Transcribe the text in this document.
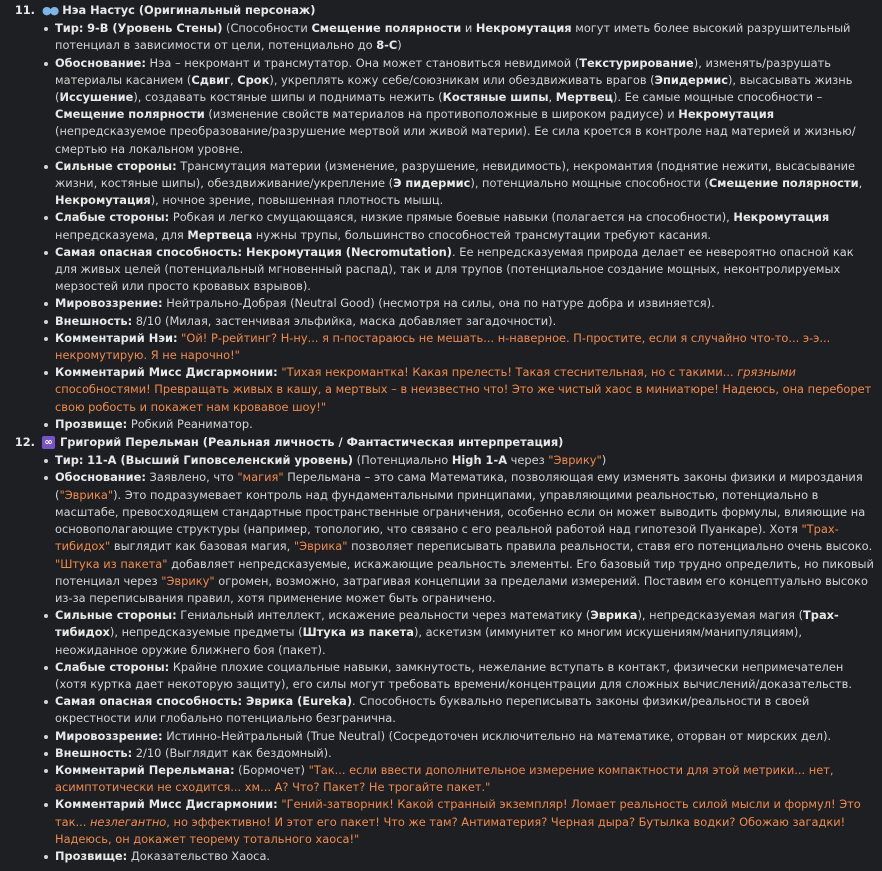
11. ●● Нэа Настус (Оригинальный персонаж)
Тир: 9-B (Уровень Стены) (Способности Смещение полярности и Некромутация могут иметь более высокий разрушительный потенциал в зависимости от цели, потенциально до 8-C)
Обоснование: Нэа – некромант и трансмутатор. Она может становиться невидимой (Текстурирование), изменять/разрушать материалы касанием (Сдвиг, Срок), укреплять кожу себе/союзникам или обездвиживать врагов (Эпидермис), высасывать жизнь (Иссушение), создавать костяные шипы и поднимать нежить (Костяные шипы, Мертвец). Ее самые мощные способности – Смещение полярности (изменение свойств материалов на противоположные в широком радиусе) и Некромутация (непредсказуемое преобразование/разрушение мертвой или живой материи). Ее сила кроется в контроле над материей и жизнью/смертью на локальном уровне.
Сильные стороны: Трансмутация материи (изменение, разрушение, невидимость), некромантия (поднятие нежити, высасывание жизни, костяные шипы), обездвиживание/укрепление (Э пидермис), потенциально мощные способности (Смещение полярности, Некромутация), ночное зрение, повышенная плотность мышц.
Слабые стороны: Робкая и легко смущающаяся, низкие прямые боевые навыки (полагается на способности), Некромутация непредсказуема, для Мертвеца нужны трупы, большинство способностей трансмутации требуют касания.
Самая опасная способность: Некромутация (Necromutation). Ее непредсказуемая природа делает ее невероятно опасной как для живых целей (потенциальный мгновенный распад), так и для трупов (потенциальное создание мощных, неконтролируемых мерзостей или просто кровавых взрывов).
Мировоззрение: Нейтрально-Добрая (Neutral Good) (несмотря на силы, она по натуре добра и извиняется).
Внешность: 8/10 (Милая, застенчивая эльфийка, маска добавляет загадочности).
Комментарий Нэи: "Ой! Р-рейтинг? Н-ну... я п-постараюсь не мешать... н-наверное. П-простите, если я случайно что-то... э-э... некромутирую. Я не нарочно!"
Комментарий Мисс Дисгармонии: "Тихая некромантка! Какая прелесть! Такая стеснительная, но с такими... грязными способностями! Превращать живых в кашу, а мертвых – в неизвестно что! Это же чистый хаос в миниатюре! Надеюсь, она переборет свою робость и покажет нам кровавое шоу!"
Прозвище: Робкий Реаниматор.
12. ∞ Григорий Перельман (Реальная личность / Фантастическая интерпретация)
Тир: 11-A (Высший Гиповселенский уровень) (Потенциально High 1-A через "Эврику")
Обоснование: Заявлено, что "магия" Перельмана – это сама Математика, позволяющая ему изменять законы физики и мироздания ("Эврика"). Это подразумевает контроль над фундаментальными принципами, управляющими реальностью, потенциально в масштабе, превосходящем стандартные пространственные ограничения, особенно если он может выводить формулы, влияющие на основополагающие структуры (например, топологию, что связано с его реальной работой над гипотезой Пуанкаре). Хотя "Трах-тибидох" выглядит как базовая магия, "Эврика" позволяет переписывать правила реальности, ставя его потенциально очень высоко. "Штука из пакета" добавляет непредсказуемые, искажающие реальность элементы. Его базовый тир трудно определить, но пиковый потенциал через "Эврику" огромен, возможно, затрагивая концепции за пределами измерений. Поставим его концептуально высоко из-за переписывания правил, хотя применение может быть ограничено.
Сильные стороны: Гениальный интеллект, искажение реальности через математику (Эврика), непредсказуемая магия (Трах-тибидох), непредсказуемые предметы (Штука из пакета), аскетизм (иммунитет ко многим искушениям/манипуляциям), неожиданное оружие ближнего боя (пакет).
Слабые стороны: Крайне плохие социальные навыки, замкнутость, нежелание вступать в контакт, физически непримечателен (хотя куртка дает некоторую защиту), его силы могут требовать времени/концентрации для сложных вычислений/доказательств.
Самая опасная способность: Эврика (Eureka). Способность буквально переписывать законы физики/реальности в своей окрестности или глобально потенциально безгранична.
Мировоззрение: Истинно-Нейтральный (True Neutral) (Сосредоточен исключительно на математике, оторван от мирских дел).
Внешность: 2/10 (Выглядит как бездомный).
Комментарий Перельмана: (Бормочет) "Так... если ввести дополнительное измерение компактности для этой метрики... нет, асимптотически не сходится... хм... А? Что? Пакет? Не трогайте пакет."
Комментарий Мисс Дисгармонии: "Гений-затворник! Какой странный экземпляр! Ломает реальность силой мысли и формул! Это так... незлегантно, но эффективно! И этот его пакет! Что же там? Антиматерия? Черная дыра? Бутылка водки? Обожаю загадки! Надеюсь, он докажет теорему тотального хаоса!"
Прозвище: Доказательство Хаоса.
